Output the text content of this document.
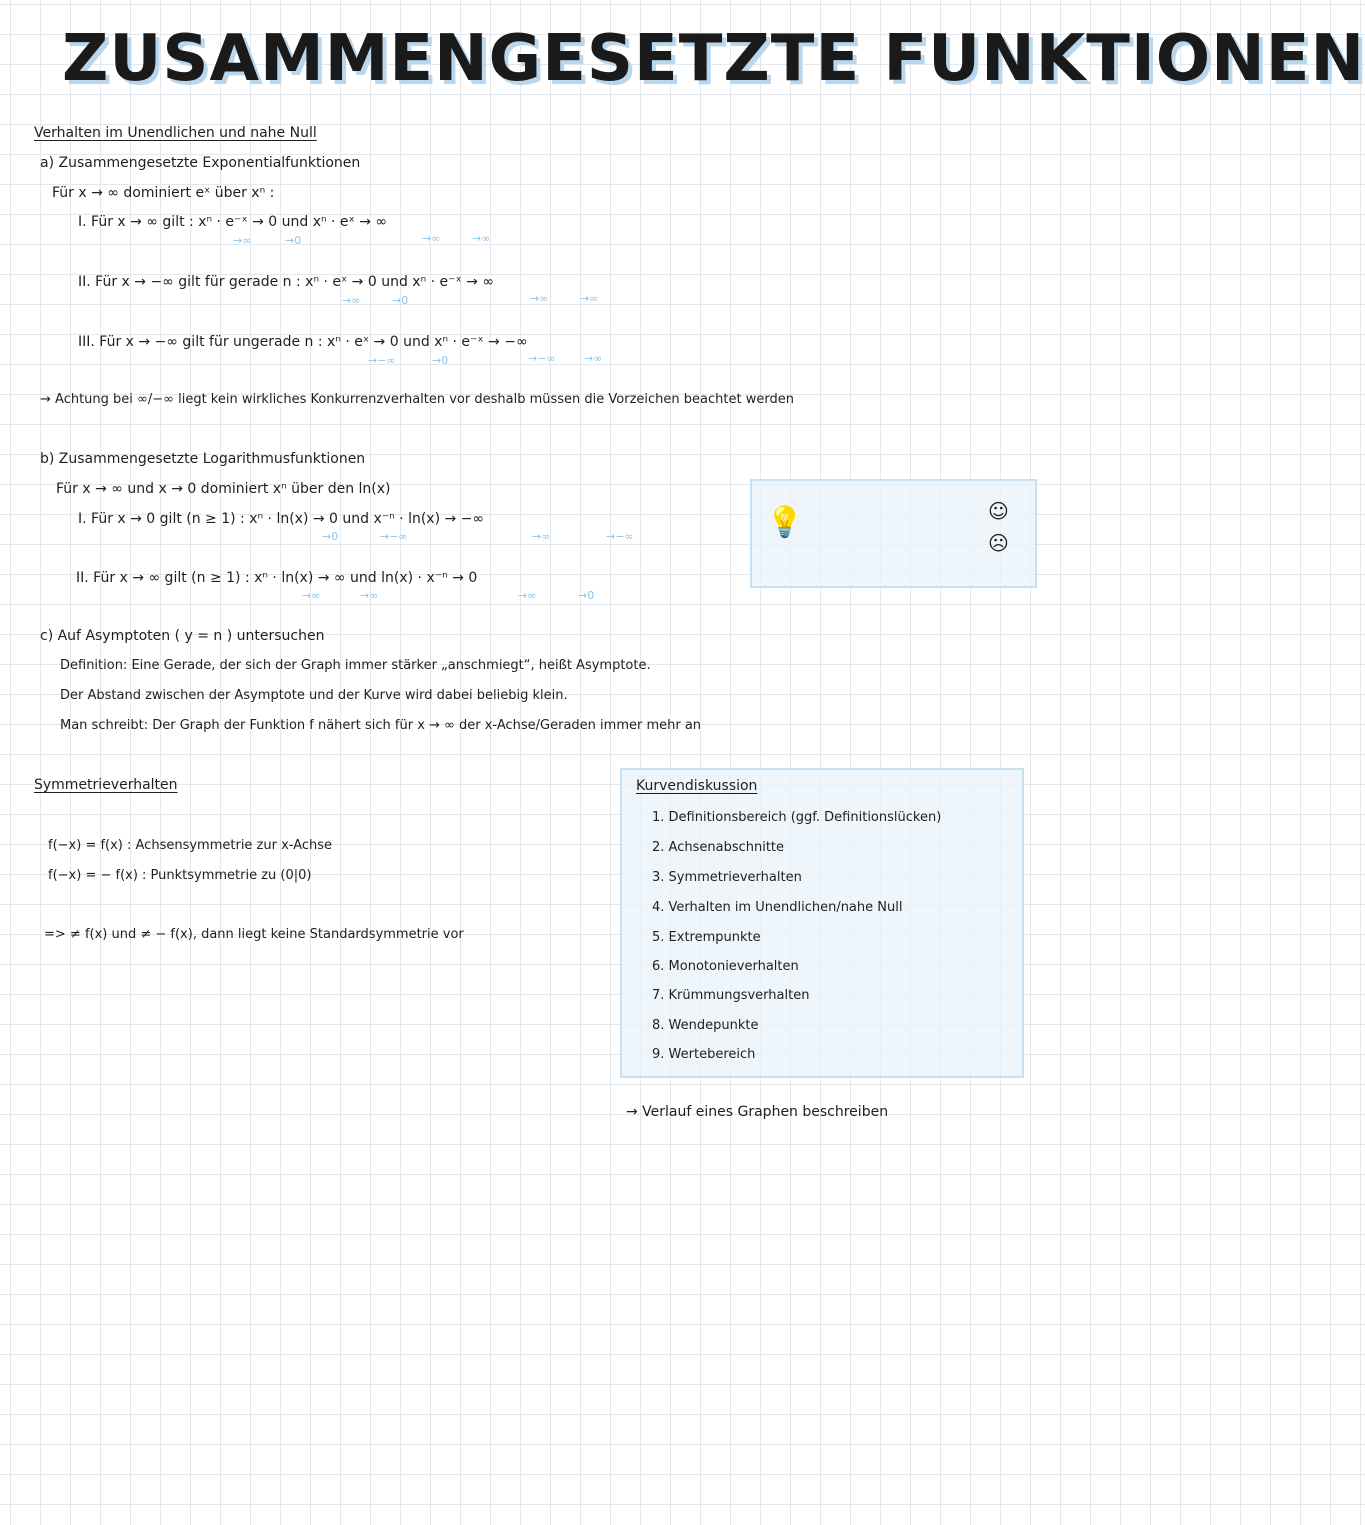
ZUSAMMENGESETZTE FUNKTIONEN
Verhalten im Unendlichen und nahe Null
a) Zusammengesetzte Exponentialfunktionen
Für x → ∞ dominiert eˣ über xⁿ :
I. Für x → ∞ gilt : xⁿ · e⁻ˣ → 0 und xⁿ · eˣ → ∞
→∞	→0	→∞	→∞
II. Für x → −∞ gilt für gerade n : xⁿ · eˣ → 0 und xⁿ · e⁻ˣ → ∞
→∞	→0	→∞	→∞
III. Für x → −∞ gilt für ungerade n : xⁿ · eˣ → 0 und xⁿ · e⁻ˣ → −∞
→−∞	→0	→−∞	→∞
→ Achtung bei ∞/−∞ liegt kein wirkliches Konkurrenzverhalten vor deshalb müssen die Vorzeichen beachtet werden
b) Zusammengesetzte Logarithmusfunktionen
Für x → ∞ und x → 0 dominiert xⁿ über den ln(x)
I. Für x → 0 gilt (n ≥ 1) : xⁿ · ln(x) → 0 und x⁻ⁿ · ln(x) → −∞
→0	→−∞	→∞	→−∞
II. Für x → ∞ gilt (n ≥ 1) : xⁿ · ln(x) → ∞ und ln(x) · x⁻ⁿ → 0
→∞	→∞	→∞	→0
💡	☺
☹
c) Auf Asymptoten ( y = n ) untersuchen
Definition: Eine Gerade, der sich der Graph immer stärker „anschmiegt“, heißt Asymptote.
Der Abstand zwischen der Asymptote und der Kurve wird dabei beliebig klein.
Man schreibt: Der Graph der Funktion f nähert sich für x → ∞ der x-Achse/Geraden immer mehr an
Symmetrieverhalten
f(−x) = f(x) : Achsensymmetrie zur x-Achse
f(−x) = − f(x) : Punktsymmetrie zu (0|0)
=> ≠ f(x) und ≠ − f(x), dann liegt keine Standardsymmetrie vor
Kurvendiskussion
1. Definitionsbereich (ggf. Definitionslücken)
2. Achsenabschnitte
3. Symmetrieverhalten
4. Verhalten im Unendlichen/nahe Null
5. Extrempunkte
6. Monotonieverhalten
7. Krümmungsverhalten
8. Wendepunkte
9. Wertebereich
→ Verlauf eines Graphen beschreiben
